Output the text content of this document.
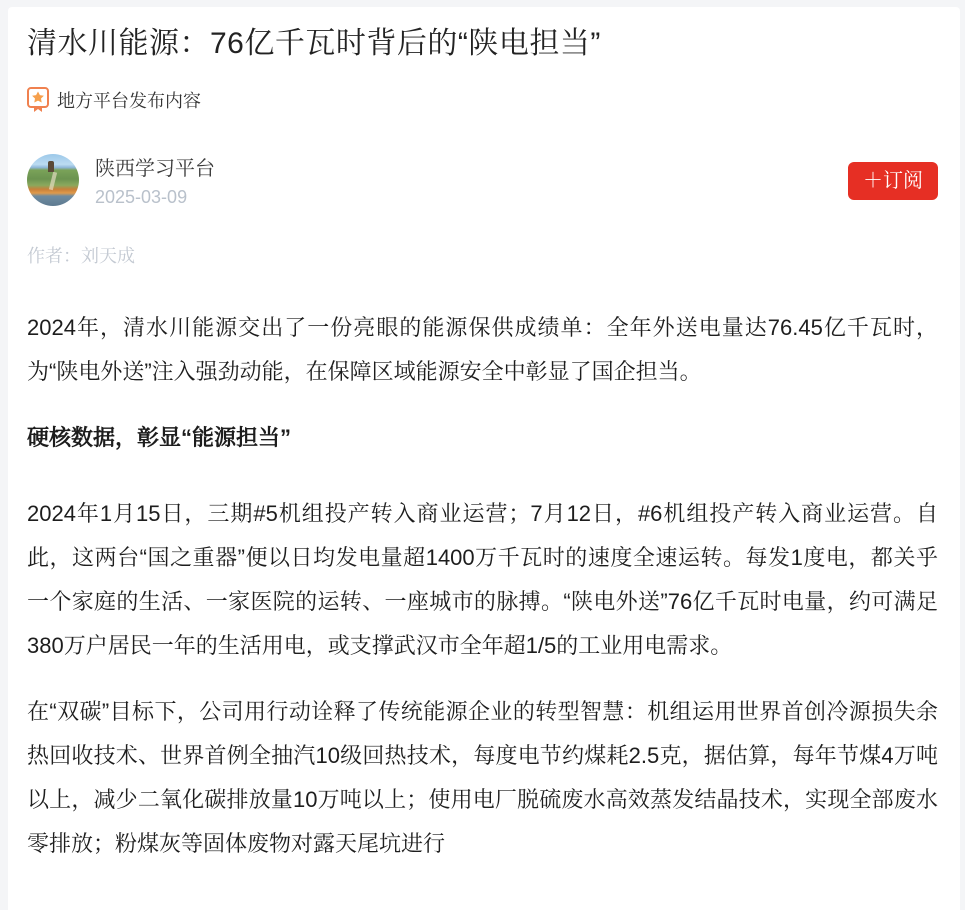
清水川能源：76亿千瓦时背后的“陕电担当”
地方平台发布内容
陕西学习平台
2025-03-09
＋订阅
作者：刘天成

2024年，清水川能源交出了一份亮眼的能源保供成绩单：全年外送电量达76.45亿千瓦时，为“陕电外送”注入强劲动能，在保障区域能源安全中彰显了国企担当。

硬核数据，彰显“能源担当”

2024年1月15日，三期#5机组投产转入商业运营；7月12日，#6机组投产转入商业运营。自此，这两台“国之重器”便以日均发电量超1400万千瓦时的速度全速运转。每发1度电，都关乎一个家庭的生活、一家医院的运转、一座城市的脉搏。“陕电外送”76亿千瓦时电量，约可满足380万户居民一年的生活用电，或支撑武汉市全年超1/5的工业用电需求。

在“双碳”目标下，公司用行动诠释了传统能源企业的转型智慧：机组运用世界首创冷源损失余热回收技术、世界首例全抽汽10级回热技术，每度电节约煤耗2.5克，据估算，每年节煤4万吨以上，减少二氧化碳排放量10万吨以上；使用电厂脱硫废水高效蒸发结晶技术，实现全部废水零排放；粉煤灰等固体废物对露天尾坑进行
